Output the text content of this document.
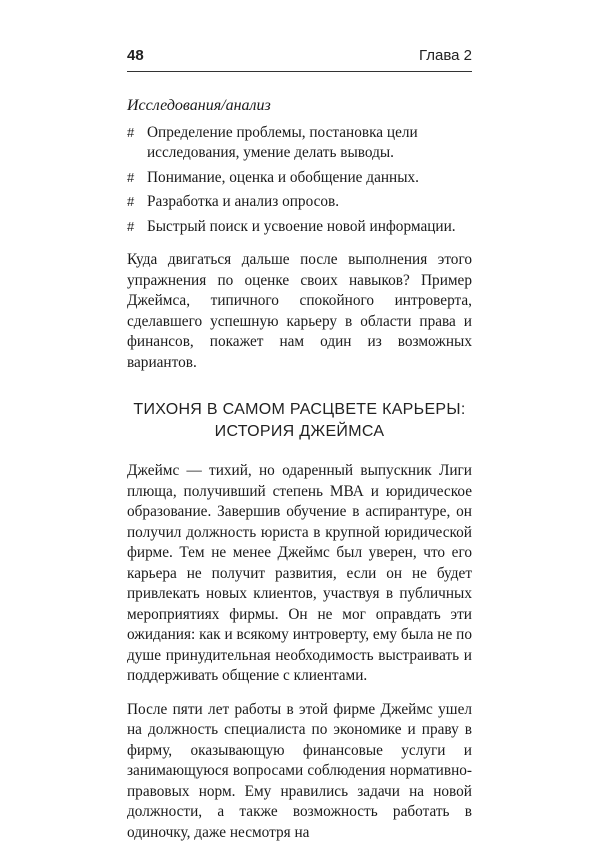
48	Глава 2
Исследования/анализ
# Определение проблемы, постановка цели исследования, умение делать выводы.
# Понимание, оценка и обобщение данных.
# Разработка и анализ опросов.
# Быстрый поиск и усвоение новой информации.

Куда двигаться дальше после выполнения этого упражнения по оценке своих навыков? Пример Джеймса, типичного спокойного интроверта, сделавшего успешную карьеру в области права и финансов, покажет нам один из возможных вариантов.

ТИХОНЯ В САМОМ РАСЦВЕТЕ КАРЬЕРЫ:
ИСТОРИЯ ДЖЕЙМСА

Джеймс — тихий, но одаренный выпускник Лиги плюща, получивший степень МВА и юридическое образование. Завершив обучение в аспирантуре, он получил должность юриста в крупной юридической фирме. Тем не менее Джеймс был уверен, что его карьера не получит развития, если он не будет привлекать новых клиентов, участвуя в публичных мероприятиях фирмы. Он не мог оправдать эти ожидания: как и всякому интроверту, ему была не по душе принудительная необходимость выстраивать и поддерживать общение с клиентами.

После пяти лет работы в этой фирме Джеймс ушел на должность специалиста по экономике и праву в фирму, оказывающую финансовые услуги и занимающуюся вопросами соблюдения нормативно-правовых норм. Ему нравились задачи на новой должности, а также возможность работать в одиночку, даже несмотря на
